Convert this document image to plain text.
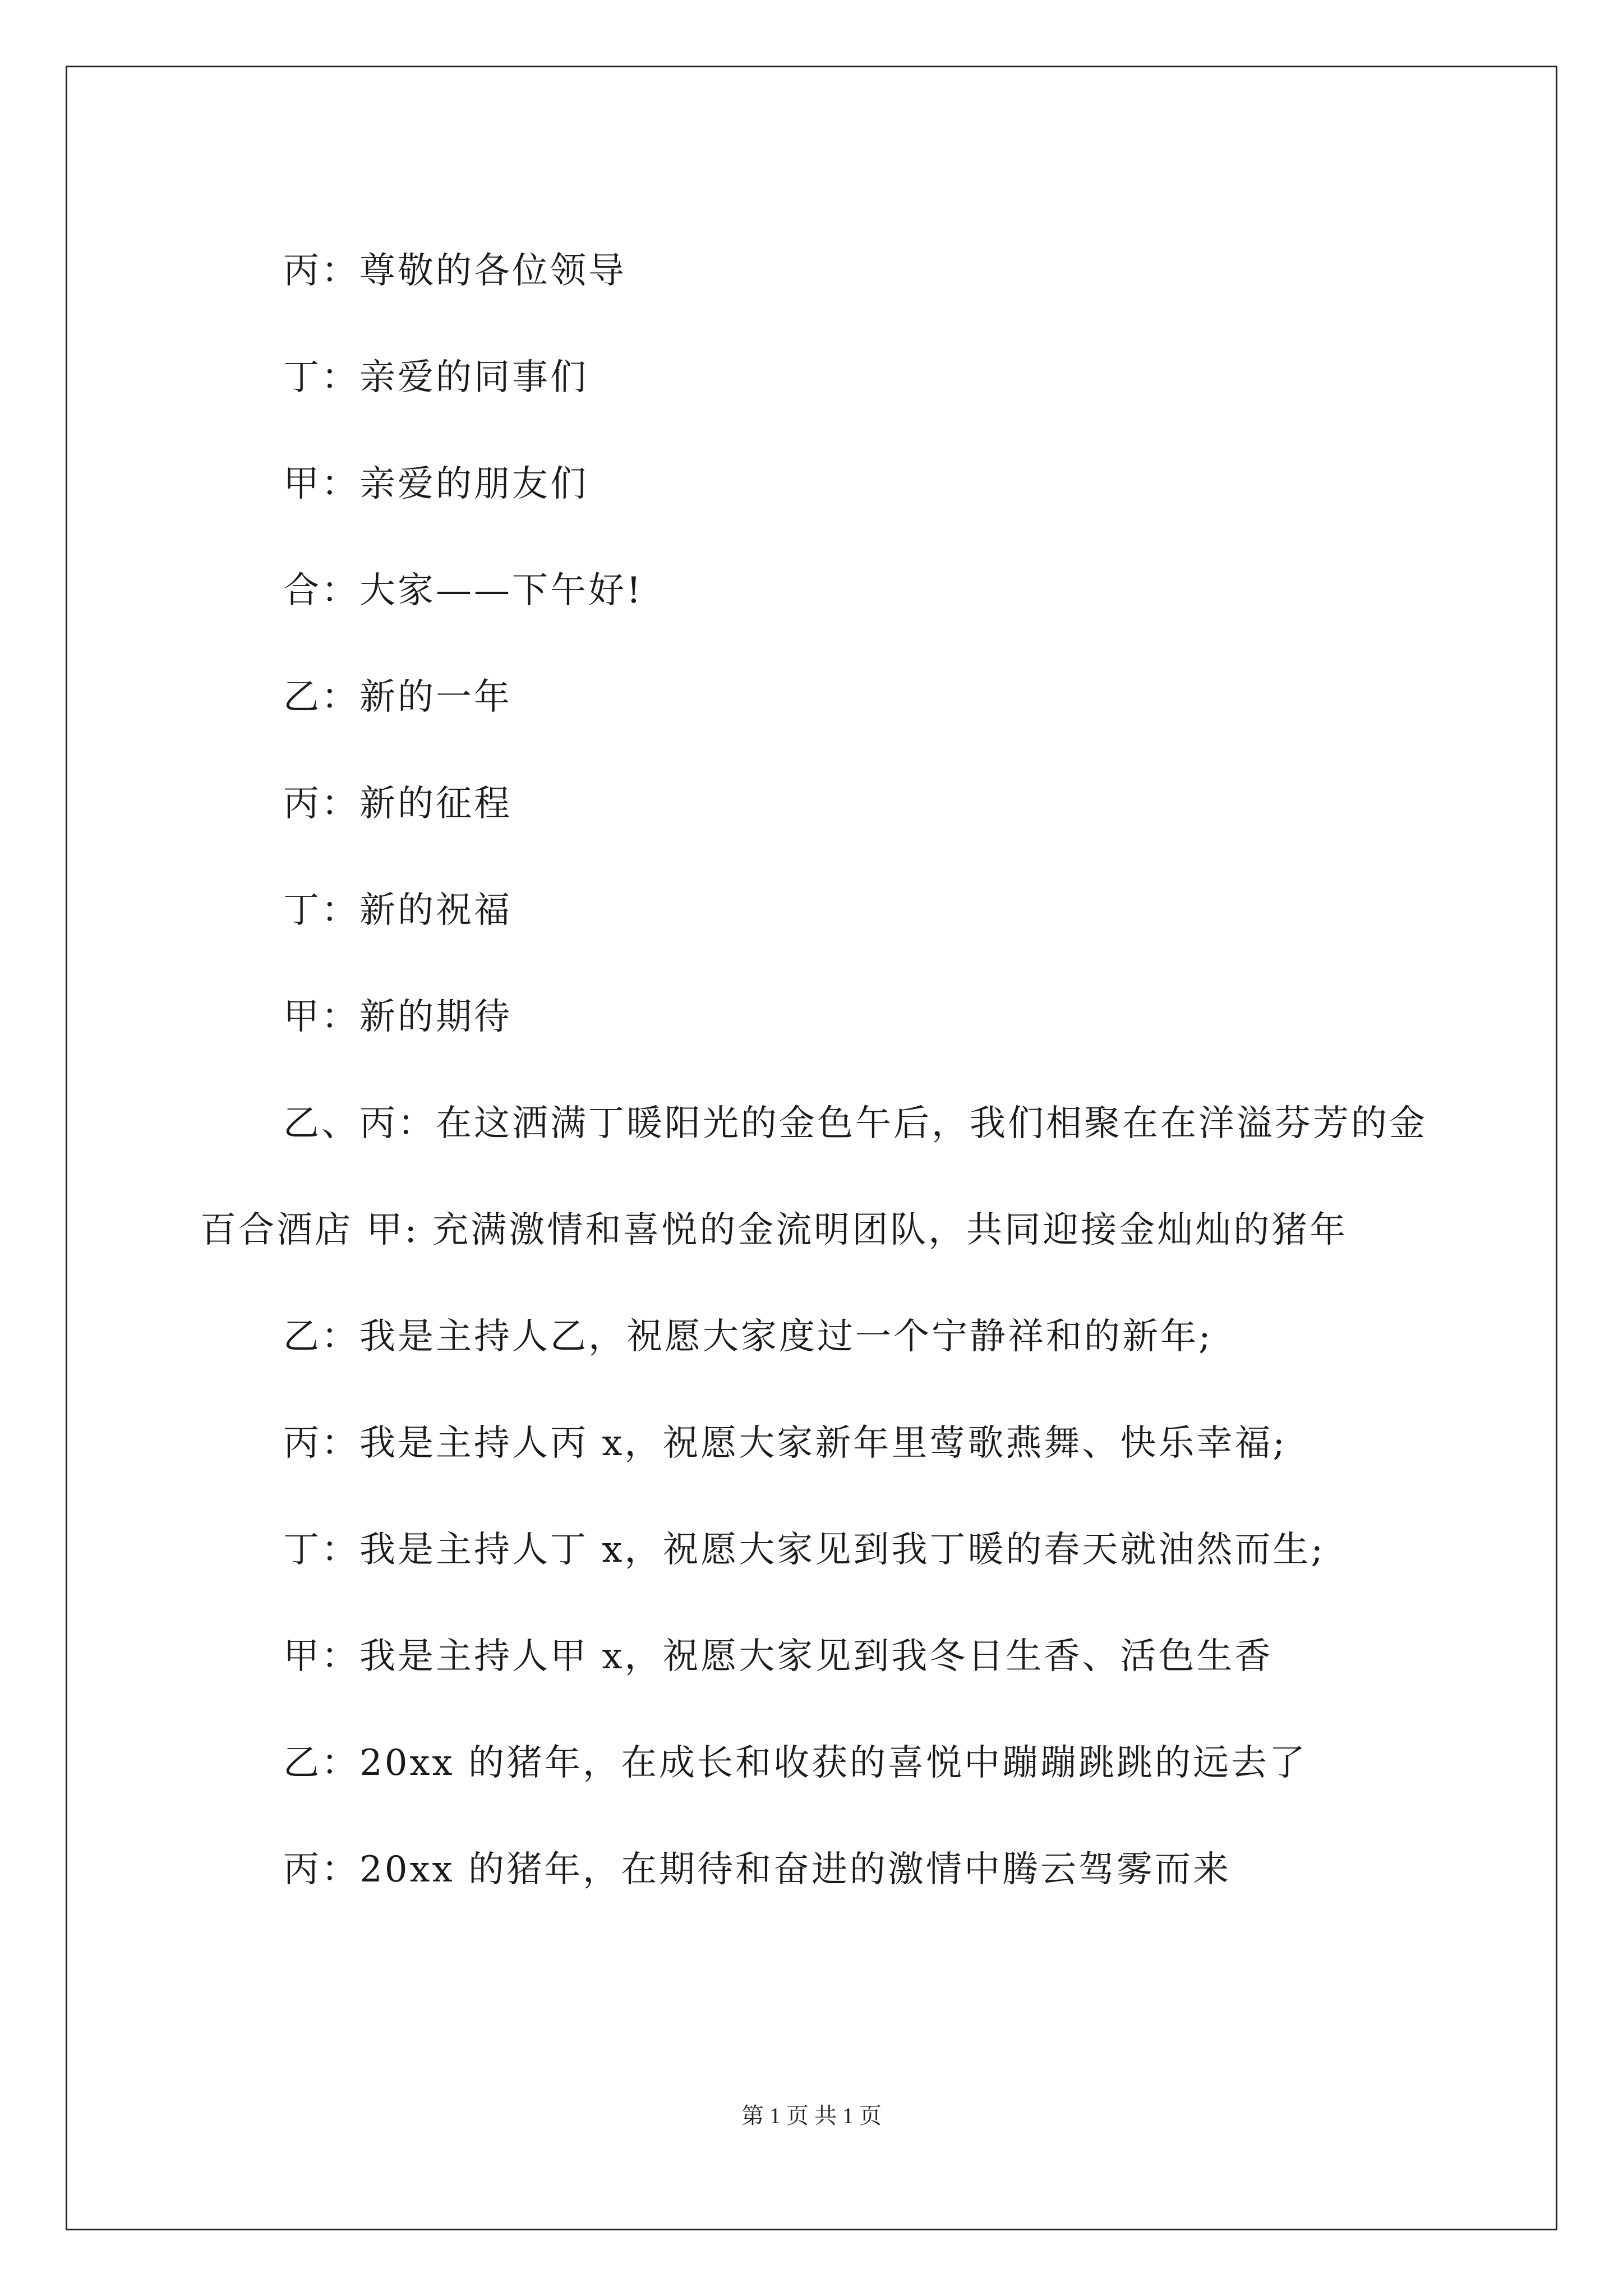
丙：尊敬的各位领导

丁：亲爱的同事们

甲：亲爱的朋友们

合：大家——下午好!

乙：新的一年

丙：新的征程

丁：新的祝福

甲：新的期待

乙、丙：在这洒满丁暖阳光的金色午后，我们相聚在在洋溢芬芳的金百合酒店 甲: 充满激情和喜悦的金流明团队，共同迎接金灿灿的猪年

乙：我是主持人乙，祝愿大家度过一个宁静祥和的新年;

丙：我是主持人丙 x，祝愿大家新年里莺歌燕舞、快乐幸福;

丁：我是主持人丁 x，祝愿大家见到我丁暖的春天就油然而生;

甲：我是主持人甲 x，祝愿大家见到我冬日生香、活色生香

乙：20xx 的猪年，在成长和收获的喜悦中蹦蹦跳跳的远去了

丙：20xx 的猪年，在期待和奋进的激情中腾云驾雾而来

第 1 页 共 1 页
